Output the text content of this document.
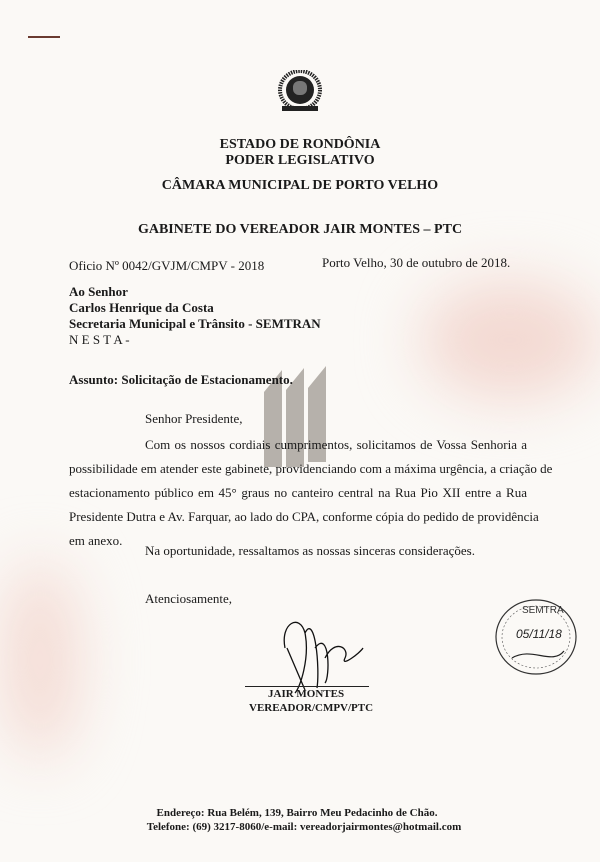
ESTADO DE RONDÔNIA
PODER LEGISLATIVO
CÂMARA MUNICIPAL DE PORTO VELHO
GABINETE DO VEREADOR JAIR MONTES – PTC
Oficio Nº 0042/GVJM/CMPV - 2018	Porto Velho, 30 de outubro de 2018.
Ao Senhor
Carlos Henrique da Costa
Secretaria Municipal e Trânsito - SEMTRAN
N E S T A -
Assunto: Solicitação de Estacionamento.
Senhor Presidente,
Com os nossos cordiais cumprimentos, solicitamos de Vossa Senhoria a
possibilidade em atender este gabinete, providenciando com a máxima urgência, a criação de
estacionamento público em 45° graus no canteiro central na Rua Pio XII entre a Rua
Presidente Dutra e Av. Farquar, ao lado do CPA, conforme cópia do pedido de providência
em anexo.
Na oportunidade, ressaltamos as nossas sinceras considerações.
Atenciosamente,
JAIR MONTES
VEREADOR/CMPV/PTC
SEMTRA
05/11/18
Endereço: Rua Belém, 139, Bairro Meu Pedacinho de Chão.
Telefone: (69) 3217-8060/e-mail: vereadorjairmontes@hotmail.com
